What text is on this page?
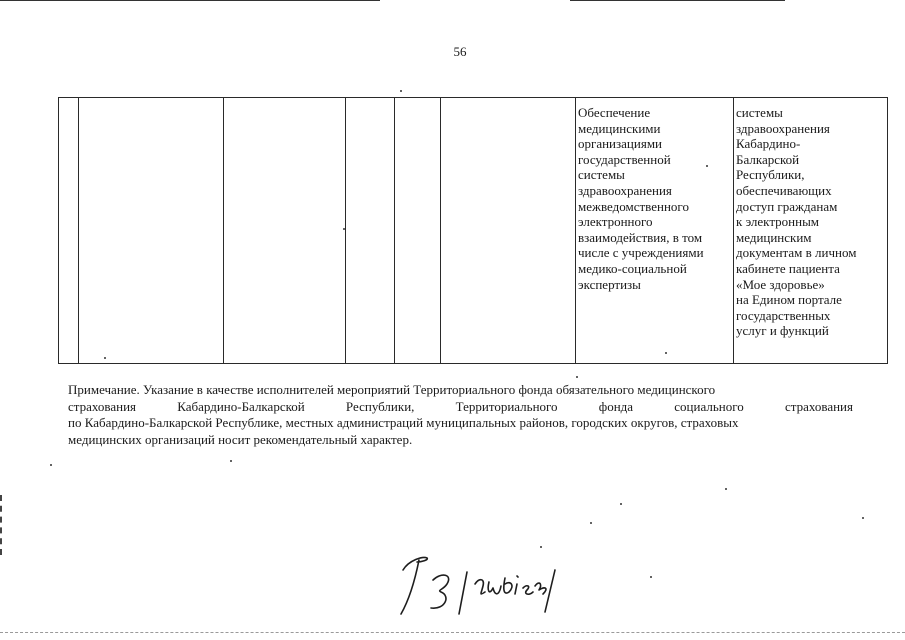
56
Обеспечение
медицинскими
организациями
государственной
системы
здравоохранения
межведомственного
электронного
взаимодействия, в том
числе с учреждениями
медико-социальной
экспертизы
системы
здравоохранения
Кабардино-
Балкарской
Республики,
обеспечивающих
доступ гражданам
к электронным
медицинским
документам в личном
кабинете пациента
«Мое здоровье»
на Едином портале
государственных
услуг и функций
Примечание. Указание в качестве исполнителей мероприятий Территориального фонда обязательного медицинского
страхования Кабардино-Балкарской Республики, Территориального фонда социального страхования
по Кабардино-Балкарской Республике, местных администраций муниципальных районов, городских округов, страховых
медицинских организаций носит рекомендательный характер.
